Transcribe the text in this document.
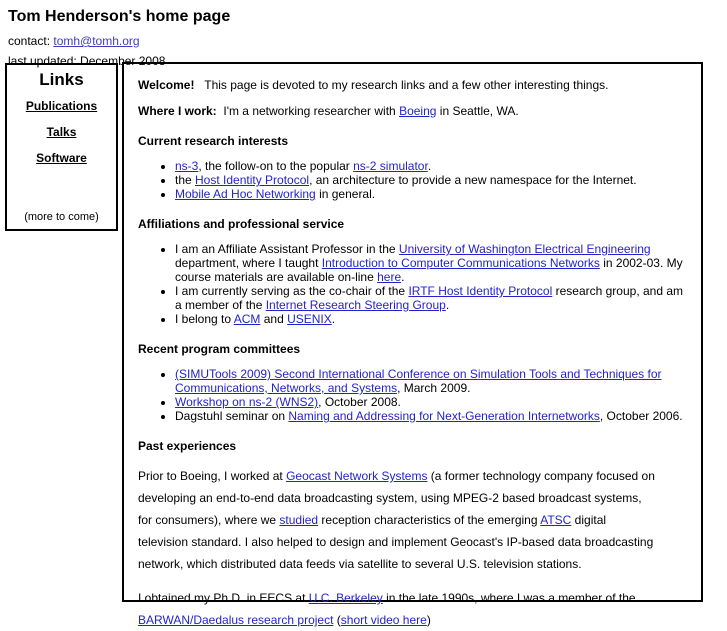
Tom Henderson's home page
contact: tomh@tomh.org
last updated: December 2008
Links
Publications
Talks
Software
(more to come)

Welcome!   This page is devoted to my research links and a few other interesting things.

Where I work:  I'm a networking researcher with Boeing in Seattle, WA.

Current research interests

• ns-3, the follow-on to the popular ns-2 simulator.
• the Host Identity Protocol, an architecture to provide a new namespace for the Internet.
• Mobile Ad Hoc Networking in general.

Affiliations and professional service

• I am an Affiliate Assistant Professor in the University of Washington Electrical Engineering department, where I taught Introduction to Computer Communications Networks in 2002-03. My course materials are available on-line here.
• I am currently serving as the co-chair of the IRTF Host Identity Protocol research group, and am a member of the Internet Research Steering Group.
• I belong to ACM and USENIX.

Recent program committees

• (SIMUTools 2009) Second International Conference on Simulation Tools and Techniques for Communications, Networks, and Systems, March 2009.
• Workshop on ns-2 (WNS2), October 2008.
• Dagstuhl seminar on Naming and Addressing for Next-Generation Internetworks, October 2006.

Past experiences

Prior to Boeing, I worked at Geocast Network Systems (a former technology company focused on
developing an end-to-end data broadcasting system, using MPEG-2 based broadcast systems,
for consumers), where we studied reception characteristics of the emerging ATSC digital
television standard. I also helped to design and implement Geocast's IP-based data broadcasting
network, which distributed data feeds via satellite to several U.S. television stations.

I obtained my Ph.D. in EECS at U.C. Berkeley in the late 1990s, where I was a member of the
BARWAN/Daedalus research project (short video here)
